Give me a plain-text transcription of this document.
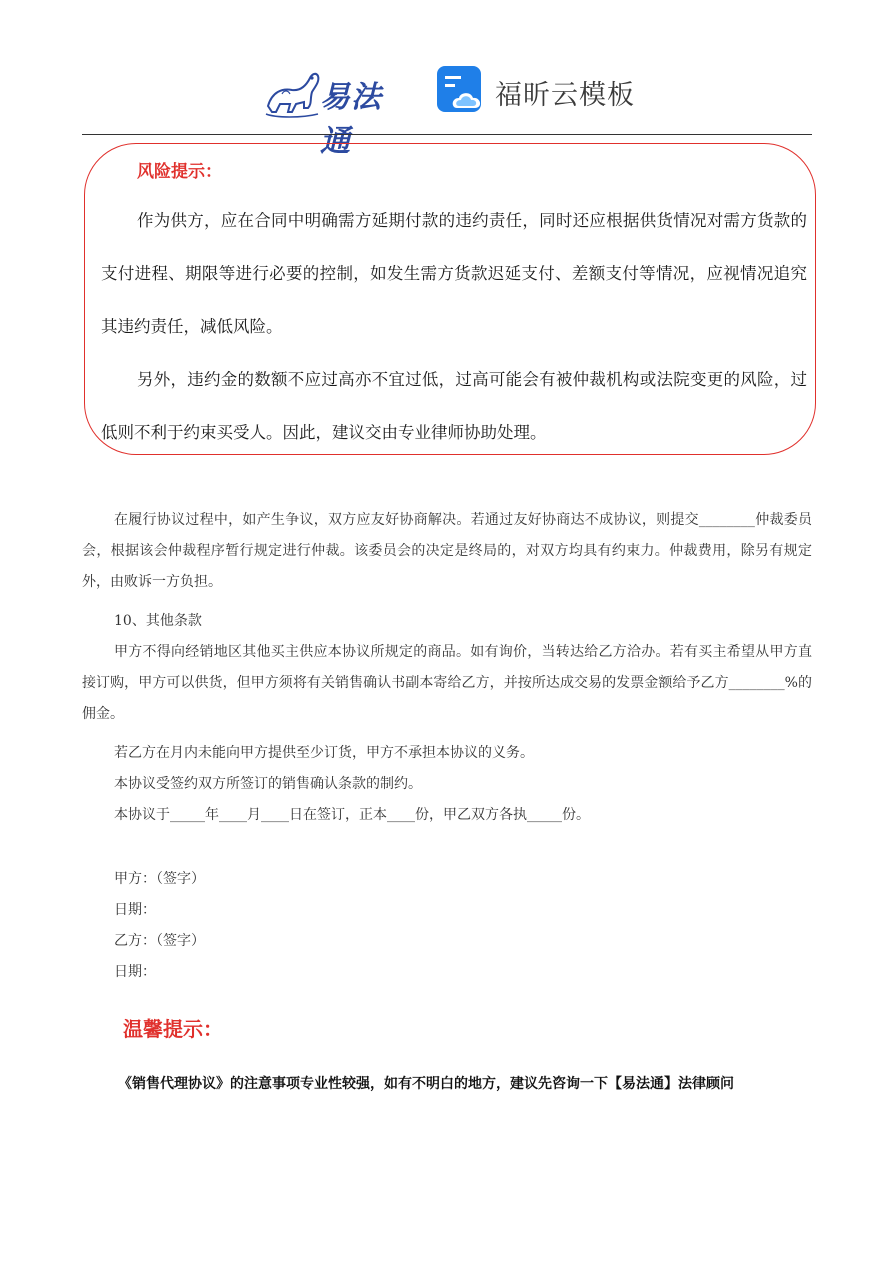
易法通
福昕云模板
风险提示：

作为供方，应在合同中明确需方延期付款的违约责任，同时还应根据供货情况对需方货款的支付进程、期限等进行必要的控制，如发生需方货款迟延支付、差额支付等情况，应视情况追究其违约责任，减低风险。

另外，违约金的数额不应过高亦不宜过低，过高可能会有被仲裁机构或法院变更的风险，过低则不利于约束买受人。因此，建议交由专业律师协助处理。

在履行协议过程中，如产生争议，双方应友好协商解决。若通过友好协商达不成协议，则提交________仲裁委员会，根据该会仲裁程序暂行规定进行仲裁。该委员会的决定是终局的，对双方均具有约束力。仲裁费用，除另有规定外，由败诉一方负担。

10、其他条款

甲方不得向经销地区其他买主供应本协议所规定的商品。如有询价，当转达给乙方洽办。若有买主希望从甲方直接订购，甲方可以供货，但甲方须将有关销售确认书副本寄给乙方，并按所达成交易的发票金额给予乙方________%的佣金。

若乙方在月内未能向甲方提供至少订货，甲方不承担本协议的义务。
本协议受签约双方所签订的销售确认条款的制约。
本协议于_____年____月____日在签订，正本____份，甲乙双方各执_____份。
甲方：（签字）
日期：
乙方：（签字）
日期：
温馨提示：
《销售代理协议》的注意事项专业性较强，如有不明白的地方，建议先咨询一下【易法通】法律顾问
